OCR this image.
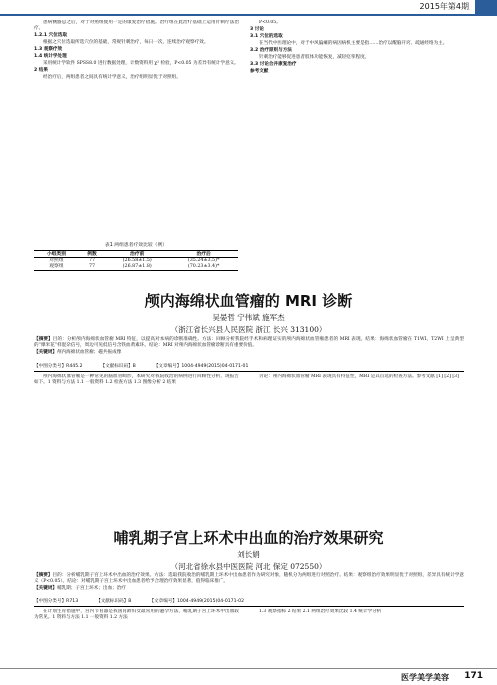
2015年第4期

患病侧髂总之后，对于对照组使用一定的康复治疗措施。治疗组在此治疗基础上运用针刺疗法治疗。

1.2.1 穴位选取

根据之穴位选取所选穴位的基础，常规针刺治疗，每日一次，连续治疗观察疗效。

1.3 观察疗效

1.4 统计学处理

采用统计学软件 SPSS8.0 进行数据处理，计数资料用 χ² 检验，P<0.05 为差异有统计学意义。

2 结果

经治疗后，两组患者之间具有统计学意义，治疗组明显优于对照组。

表1 两组患者疗效比较（例）
小组类别	例数	治疗前	治疗后
对照组	77	(26.58±1.5)	(35.24±3.5)*
观察组	77	(26.87±1.8)	(70.23±3.4)*

P<0.05。

3 讨论

3.1 穴位的选取

在当代中医理论中，对于中风偏瘫的病因病机主要是指……治疗以醒脑开窍、疏通经络为主。

3.2 治疗原则与方法

针刺治疗能够促进患者肢体功能恢复，减轻痉挛程度。

3.3 讨论合并康复治疗

参考文献

颅内海绵状血管瘤的 MRI 诊断
吴晏哲 宁伟斌 施军杰
（浙江省长兴县人民医院 浙江 长兴 313100）
【摘要】目的：分析颅内海绵状血管瘤 MRI 特征，以提高对本病的诊断准确性。方法：回顾分析我院经手术和病理证实的颅内海绵状血管瘤患者的 MRI 表现。结果：海绵状血管瘤在 T1WI、T2WI 上呈典型的“爆米花”样混杂信号，周边可见低信号含铁血黄素环。结论：MRI 对颅内海绵状血管瘤诊断具有重要价值。
【关键词】颅内海绵状血管瘤；磁共振成像
【中图分类号】R445.2	【文献标识码】B	【文章编号】1004-4949(2015)04-0171-01

颅内海绵状血管瘤是一种常见的脑血管畸形，本研究对我院收治的病例进行回顾性分析，现报告如下。1 资料与方法 1.1 一般资料 1.2 检查方法 1.3 图像分析 2 结果

讨论：颅内海绵状血管瘤 MRI 表现具有特征性，MRI 是其首选的检查方法。参考文献 [1] [2] [3]

哺乳期子宫上环术中出血的治疗效果研究
刘长娟
（河北省徐水县中医医院 河北 保定 072550）
【摘要】目的：分析哺乳期子宫上环术中出血的治疗效果。方法：选取我院收治的哺乳期上环术中出血患者作为研究对象，随机分为两组进行对照治疗。结果：观察组治疗效果明显优于对照组，差异具有统计学意义（P<0.05）。结论：对哺乳期子宫上环术中出血患者给予合理治疗效果显著，值得临床推广。
【关键词】哺乳期；子宫上环术；出血；治疗
【中图分类号】R713	【文献标识码】B	【文章编号】1004-4949(2015)04-0171-02

在计划生育措施中，宫内节育器是我国育龄妇女最常用的避孕方法，哺乳期子宫上环术中出血较为常见。1 资料与方法 1.1 一般资料 1.2 方法

1.3 观察指标 2 结果 2.1 两组治疗效果比较 1.4 统计学分析

医学美学美容 171
